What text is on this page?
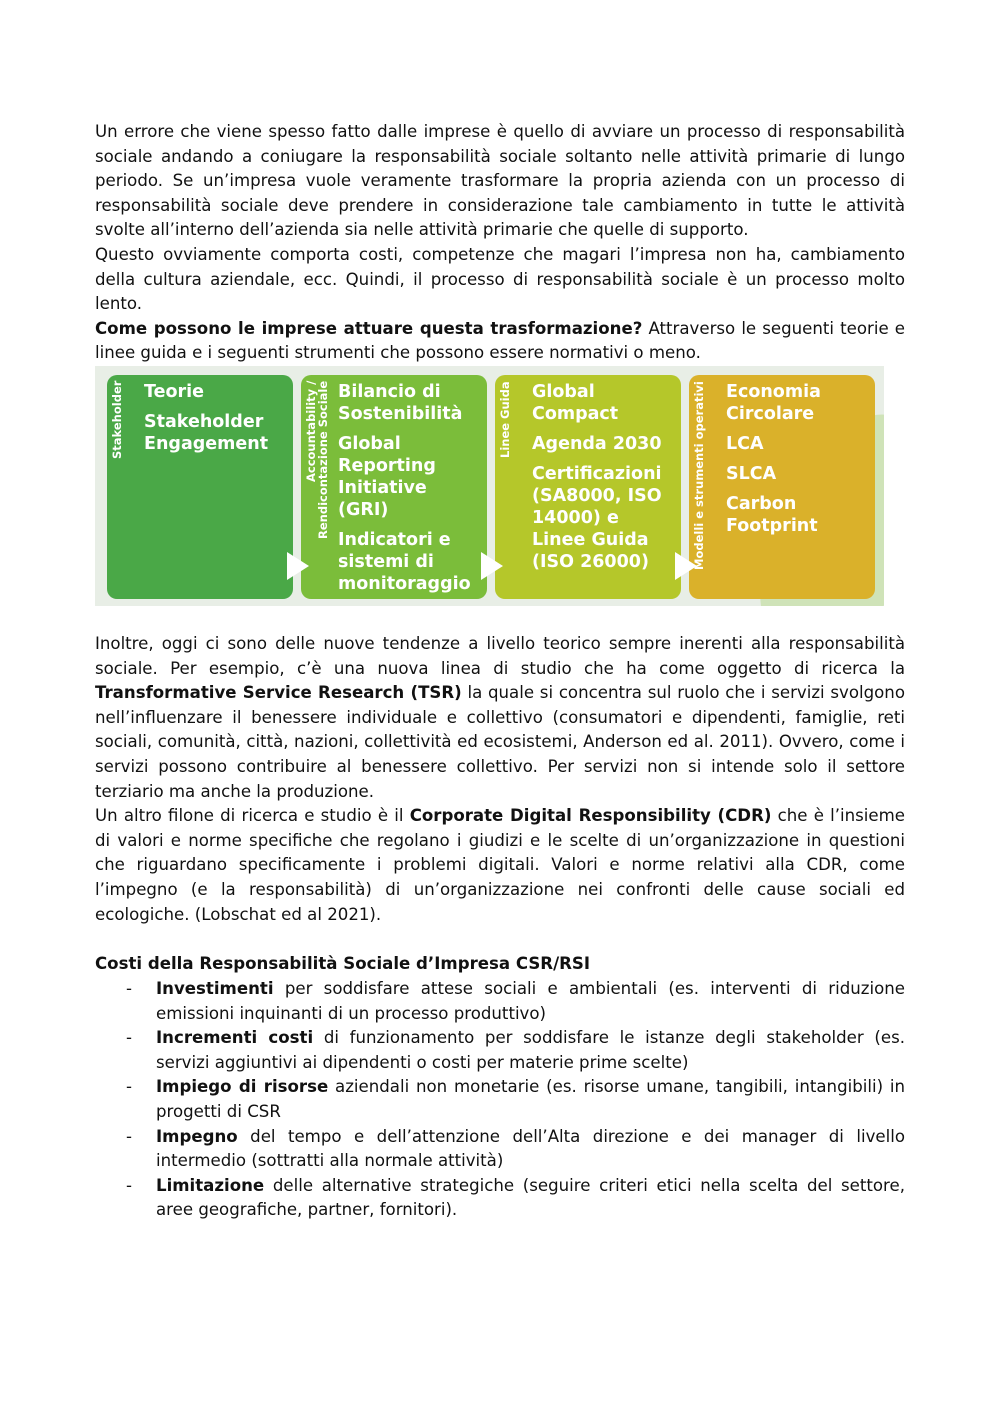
Un errore che viene spesso fatto dalle imprese è quello di avviare un processo di responsabilità sociale andando a coniugare la responsabilità sociale soltanto nelle attività primarie di lungo periodo. Se un’impresa vuole veramente trasformare la propria azienda con un processo di responsabilità sociale deve prendere in considerazione tale cambiamento in tutte le attività svolte all’interno dell’azienda sia nelle attività primarie che quelle di supporto.

Questo ovviamente comporta costi, competenze che magari l’impresa non ha, cambiamento della cultura aziendale, ecc. Quindi, il processo di responsabilità sociale è un processo molto lento.

Come possono le imprese attuare questa trasformazione? Attraverso le seguenti teorie e linee guida e i seguenti strumenti che possono essere normativi o meno.

Stakeholder	Teorie
Stakeholder Engagement	Accountability / Rendicontazione Sociale Bilancio di Sostenibilità
Global Reporting Initiative (GRI)
Indicatori e sistemi di monitoraggio
Linee Guida	Global Compact
Agenda 2030
Certificazioni (SA8000, ISO 14000) e Linee Guida (ISO 26000)	Modelli e strumenti operativi	Economia Circolare
LCA
SLCA
Carbon Footprint

Inoltre, oggi ci sono delle nuove tendenze a livello teorico sempre inerenti alla responsabilità sociale. Per esempio, c’è una nuova linea di studio che ha come oggetto di ricerca la Transformative Service Research (TSR) la quale si concentra sul ruolo che i servizi svolgono nell’influenzare il benessere individuale e collettivo (consumatori e dipendenti, famiglie, reti sociali, comunità, città, nazioni, collettività ed ecosistemi, Anderson ed al. 2011). Ovvero, come i servizi possono contribuire al benessere collettivo. Per servizi non si intende solo il settore terziario ma anche la produzione.

Un altro filone di ricerca e studio è il Corporate Digital Responsibility (CDR) che è l’insieme di valori e norme specifiche che regolano i giudizi e le scelte di un’organizzazione in questioni che riguardano specificamente i problemi digitali. Valori e norme relativi alla CDR, come l’impegno (e la responsabilità) di un’organizzazione nei confronti delle cause sociali ed ecologiche. (Lobschat ed al 2021).

Costi della Responsabilità Sociale d’Impresa CSR/RSI
- Investimenti per soddisfare attese sociali e ambientali (es. interventi di riduzione emissioni inquinanti di un processo produttivo)
- Incrementi costi di funzionamento per soddisfare le istanze degli stakeholder (es. servizi aggiuntivi ai dipendenti o costi per materie prime scelte)
- Impiego di risorse aziendali non monetarie (es. risorse umane, tangibili, intangibili) in progetti di CSR
- Impegno del tempo e dell’attenzione dell’Alta direzione e dei manager di livello intermedio (sottratti alla normale attività)
- Limitazione delle alternative strategiche (seguire criteri etici nella scelta del settore, aree geografiche, partner, fornitori).
